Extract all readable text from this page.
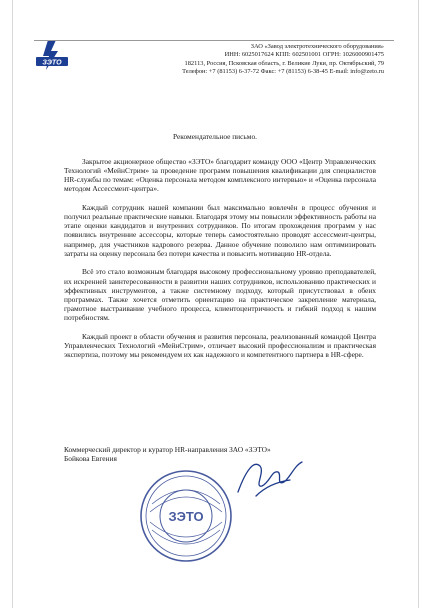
ЗЭТО
ЗАО «Завод электротехнического оборудования»
ИНН: 6025017624 КПП: 602501001 ОГРН: 1026000901475
182113, Россия, Псковская область, г. Великие Луки, пр. Октябрьский, 79
Телефон: +7 (81153) 6-37-72 Факс: +7 (81153) 6-38-45 E-mail: info@zeto.ru
Рекомендательное письмо.

Закрытое акционерное общество «ЗЭТО» благодарит команду ООО «Центр Управленческих Технологий «МейнСтрим» за проведение программ повышения квалификации для специалистов HR-службы по темам: «Оценка персонала методом комплексного интервью» и «Оценка персонала методом Ассессмент-центра».

Каждый сотрудник нашей компании был максимально вовлечён в процесс обучения и получил реальные практические навыки. Благодаря этому мы повысили эффективность работы на этапе оценки кандидатов и внутренних сотрудников. По итогам прохождения программ у нас появились внутренние ассессоры, которые теперь самостоятельно проводят ассессмент-центры, например, для участников кадрового резерва. Данное обучение позволило нам оптимизировать затраты на оценку персонала без потери качества и повысить мотивацию HR-отдела.

Всё это стало возможным благодаря высокому профессиональному уровню преподавателей, их искренней заинтересованности в развитии наших сотрудников, использованию практических и эффективных инструментов, а также системному подходу, который присутствовал в обеих программах. Также хочется отметить ориентацию на практическое закрепление материала, грамотное выстраивание учебного процесса, клиентоцентричность и гибкий подход к нашим потребностям.

Каждый проект в области обучения и развития персонала, реализованный командой Центра Управленческих Технологий «МейнСтрим», отличает высокий профессионализм и практическая экспертиза, поэтому мы рекомендуем их как надежного и компетентного партнера в HR-сфере.

Коммерческий директор и куратор HR-направления ЗАО «ЗЭТО»
Бойкова Евгения
ЗЭТО
